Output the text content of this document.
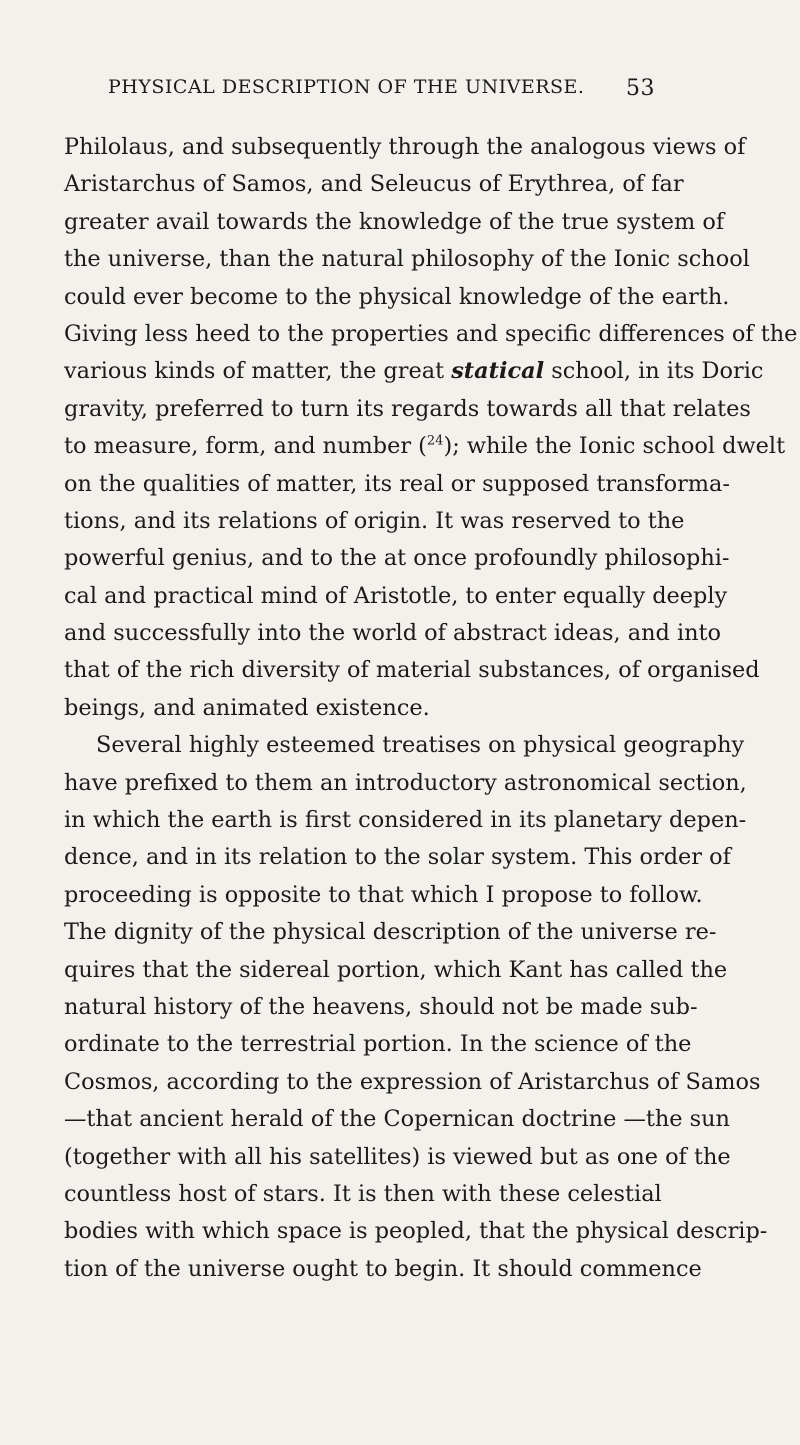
PHYSICAL DESCRIPTION OF THE UNIVERSE. 53
Philolaus, and subsequently through the analogous views of
Aristarchus of Samos, and Seleucus of Erythrea, of far
greater avail towards the knowledge of the true system of
the universe, than the natural philosophy of the Ionic school
could ever become to the physical knowledge of the earth.
Giving less heed to the properties and specific differences of the
various kinds of matter, the great statical school, in its Doric
gravity, preferred to turn its regards towards all that relates
to measure, form, and number ($^{24}$); while the Ionic school dwelt
on the qualities of matter, its real or supposed transforma-
tions, and its relations of origin. It was reserved to the
powerful genius, and to the at once profoundly philosophi-
cal and practical mind of Aristotle, to enter equally deeply
and successfully into the world of abstract ideas, and into
that of the rich diversity of material substances, of organised
beings, and animated existence.
Several highly esteemed treatises on physical geography
have prefixed to them an introductory astronomical section,
in which the earth is first considered in its planetary depen-
dence, and in its relation to the solar system. This order of
proceeding is opposite to that which I propose to follow.
The dignity of the physical description of the universe re-
quires that the sidereal portion, which Kant has called the
natural history of the heavens, should not be made sub-
ordinate to the terrestrial portion. In the science of the
Cosmos, according to the expression of Aristarchus of Samos
—that ancient herald of the Copernican doctrine —the sun
(together with all his satellites) is viewed but as one of the
countless host of stars. It is then with these celestial
bodies with which space is peopled, that the physical descrip-
tion of the universe ought to begin. It should commence
